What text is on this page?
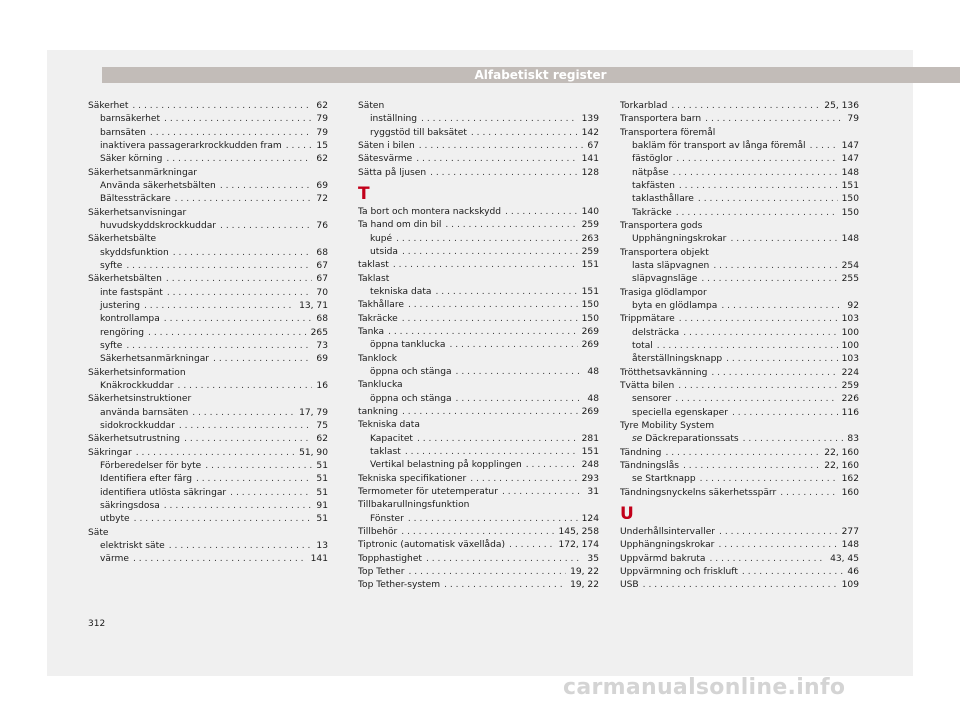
Alfabetiskt register
Säkerhet . . .	62
barnsäkerhet . . .	79
barnsäten . . .	79
inaktivera passagerarkrockkudden fram . . .	15
Säker körning . . .	62
Säkerhetsanmärkningar
Använda säkerhetsbälten . . .	69
Bältessträckare . . .	72
Säkerhetsanvisningar
huvudskyddskrockkuddar . . .	76
Säkerhetsbälte
skyddsfunktion . . .	68
syfte . . .	67
Säkerhetsbälten . . .	67
inte fastspänt . . .	70
justering . . .	13, 71
kontrollampa . . .	68
rengöring . . .	265
syfte . . .	73
Säkerhetsanmärkningar . . .	69
Säkerhetsinformation
Knäkrockkuddar . . .	16
Säkerhetsinstruktioner
använda barnsäten . . .	17, 79
sidokrockkuddar . . .	75
Säkerhetsutrustning . . .	62
Säkringar . . .	51, 90
Förberedelser för byte . . .	51
Identifiera efter färg . . .	51
identifiera utlösta säkringar . . .	51
säkringsdosa . . .	91
utbyte . . .	51
Säte
elektriskt säte . . .	13
värme . . .	141
Säten
inställning . . .	139
ryggstöd till baksätet . . .	142
Säten i bilen . . .	67
Sätesvärme . . .	141
Sätta på ljusen . . .	128
T
Ta bort och montera nackskydd . . .	140
Ta hand om din bil . . .	259
kupé . . .	263
utsida . . .	259
taklast . . .	151
Taklast
tekniska data . . .	151
Takhållare . . .	150
Takräcke . . .	150
Tanka . . .	269
öppna tanklucka . . .	269
Tanklock
öppna och stänga . . .	48
Tanklucka
öppna och stänga . . .	48
tankning . . .	269
Tekniska data
Kapacitet . . .	281
taklast . . .	151
Vertikal belastning på kopplingen . . .	248
Tekniska specifikationer . . .	293
Termometer för utetemperatur . . .	31
Tillbakarullningsfunktion
Fönster . . .	124
Tillbehör . . .	145, 258
Tiptronic (automatisk växellåda) . . .	172, 174
Topphastighet . . .	35
Top Tether . . .	19, 22
Top Tether-system . . .	19, 22
Torkarblad . . .	25, 136
Transportera barn . . .	79
Transportera föremål
bakläm för transport av långa föremål . . .	147
fästöglor . . .	147
nätpåse . . .	148
takfästen . . .	151
taklasthållare . . .	150
Takräcke . . .	150
Transportera gods
Upphängningskrokar . . .	148
Transportera objekt
lasta släpvagnen . . .	254
släpvagnsläge . . .	255
Trasiga glödlampor
byta en glödlampa . . .	92
Trippmätare . . .	103
delsträcka . . .	100
total . . .	100
återställningsknapp . . .	103
Trötthetsavkänning . . .	224
Tvätta bilen . . .	259
sensorer . . .	226
speciella egenskaper . . .	116
Tyre Mobility System
se Däckreparationssats . . .	83
Tändning . . .	22, 160
Tändningslås . . .	22, 160
se Startknapp . . .	162
Tändningsnyckelns säkerhetsspärr . . .	160
U
Underhållsintervaller . . .	277
Upphängningskrokar . . .	148
Uppvärmd bakruta . . .	43, 45
Uppvärmning och friskluft . . .	46
USB . . .	109
312
carmanualsonline.info
